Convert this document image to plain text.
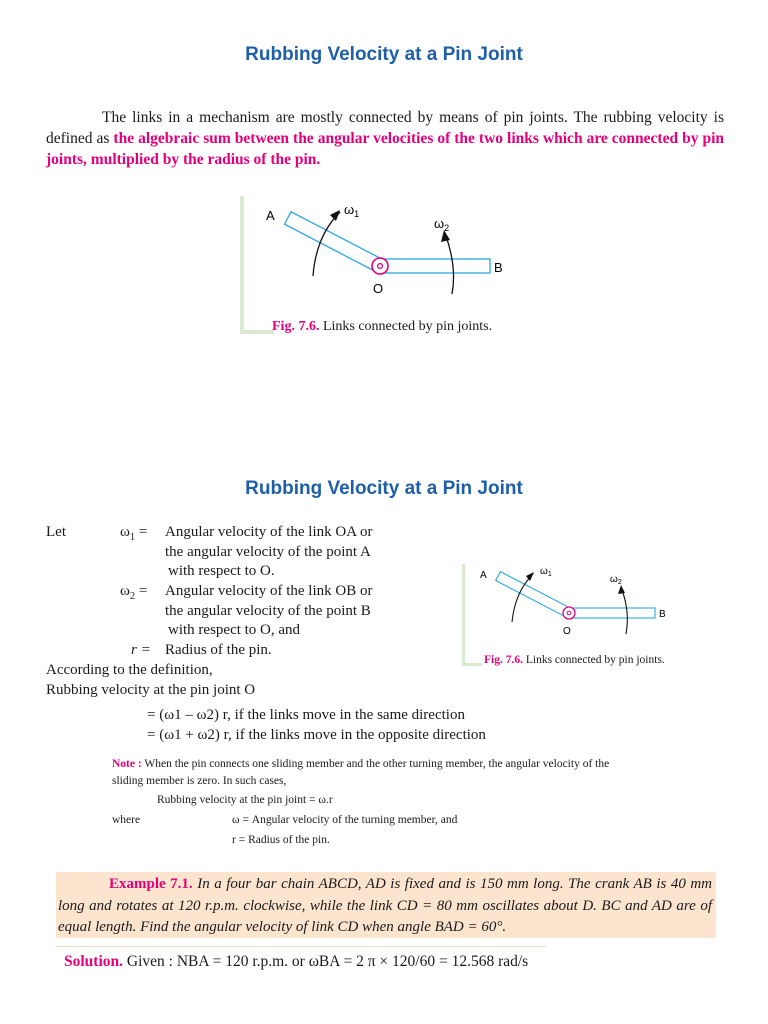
Rubbing Velocity at a Pin Joint
The links in a mechanism are mostly connected by means of pin joints. The rubbing velocity is defined as the algebraic sum between the angular velocities of the two links which are connected by pin joints, multiplied by the radius of the pin.
A
B
O
$\omega_1$
$\omega_2$
Fig. 7.6. Links connected by pin joints.
Rubbing Velocity at a Pin Joint
Let	$\omega_1$ = Angular velocity of the link OA or
the angular velocity of the point A
with respect to O.
$\omega_2$ = Angular velocity of the link OB or
the angular velocity of the point B
with respect to O, and
r = Radius of the pin.
According to the definition,
Rubbing velocity at the pin joint O
= (ω1 – ω2) r, if the links move in the same direction
= (ω1 + ω2) r, if the links move in the opposite direction
A
B
O
$\omega_1$	$\omega_2$
Fig. 7.6. Links connected by pin joints.
Note : When the pin connects one sliding member and the other turning member, the angular velocity of the
sliding member is zero. In such cases,
Rubbing velocity at the pin joint = ω.r
where	ω = Angular velocity of the turning member, and
r = Radius of the pin.
Example 7.1. In a four bar chain ABCD, AD is fixed and is 150 mm long. The crank AB is 40 mm long and rotates at 120 r.p.m. clockwise, while the link CD = 80 mm oscillates about D. BC and AD are of equal length. Find the angular velocity of link CD when angle BAD = 60°.
Solution. Given : NBA = 120 r.p.m. or ωBA = 2 π × 120/60 = 12.568 rad/s
